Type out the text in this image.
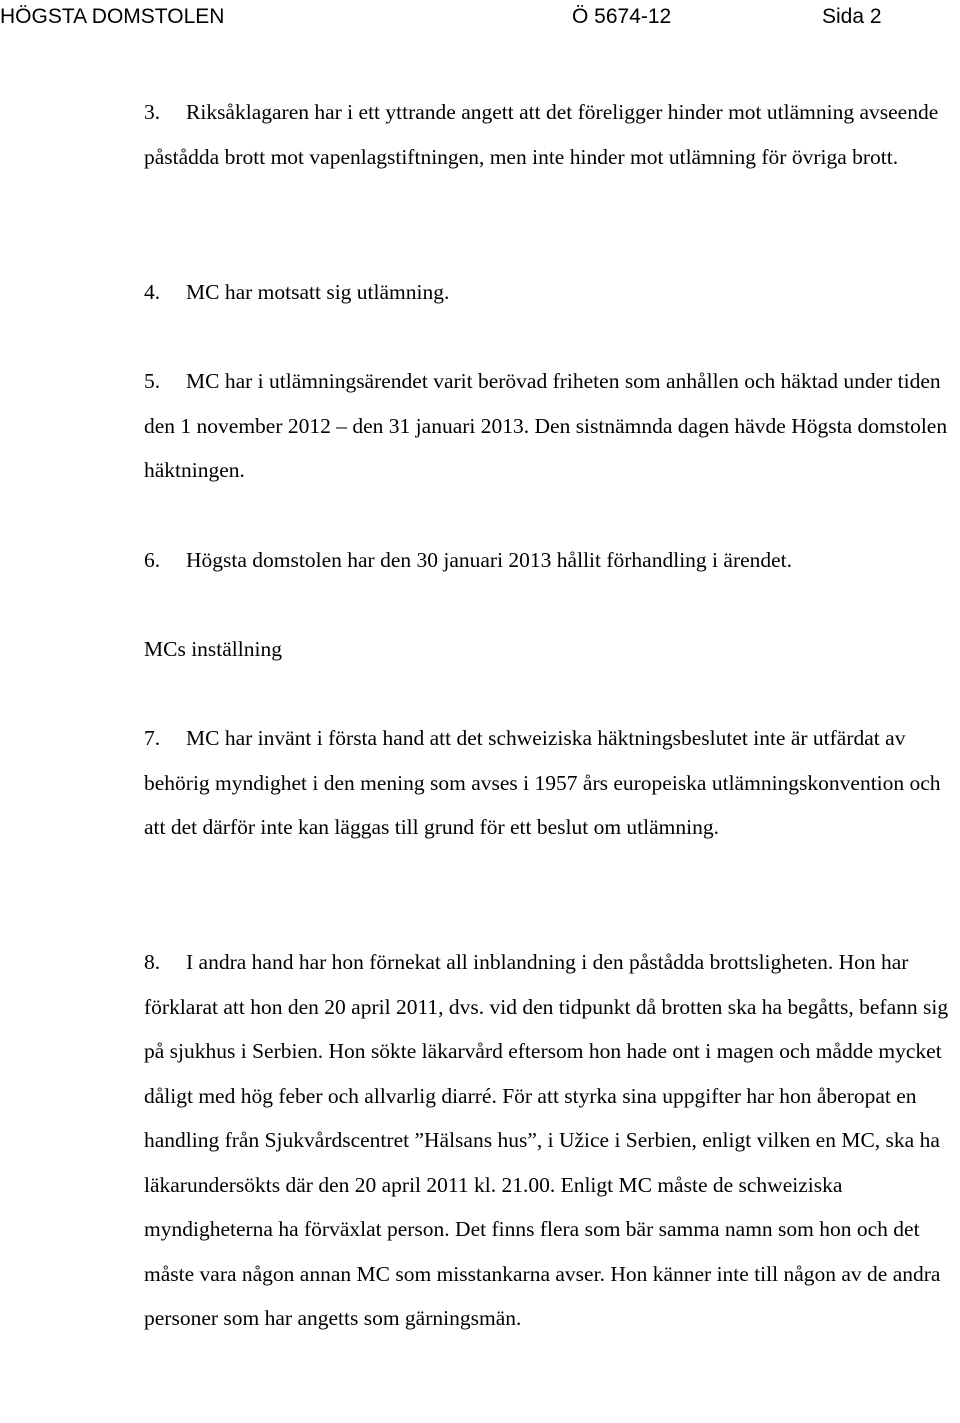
HÖGSTA DOMSTOLEN	Ö 5674-12	Sida 2

3. Riksåklagaren har i ett yttrande angett att det föreligger hinder mot utlämning avseende påstådda brott mot vapenlagstiftningen, men inte hinder mot utlämning för övriga brott.

4. MC har motsatt sig utlämning.

5. MC har i utlämningsärendet varit berövad friheten som anhållen och häktad under tiden den 1 november 2012 – den 31 januari 2013. Den sistnämnda dagen hävde Högsta domstolen häktningen.

6. Högsta domstolen har den 30 januari 2013 hållit förhandling i ärendet.

MCs inställning

7. MC har invänt i första hand att det schweiziska häktningsbeslutet inte är utfärdat av behörig myndighet i den mening som avses i 1957 års europeiska utlämningskonvention och att det därför inte kan läggas till grund för ett beslut om utlämning.

8. I andra hand har hon förnekat all inblandning i den påstådda brottsligheten. Hon har förklarat att hon den 20 april 2011, dvs. vid den tidpunkt då brotten ska ha begåtts, befann sig på sjukhus i Serbien. Hon sökte läkarvård eftersom hon hade ont i magen och mådde mycket dåligt med hög feber och allvarlig diarré. För att styrka sina uppgifter har hon åberopat en handling från Sjukvårdscentret ”Hälsans hus”, i Užice i Serbien, enligt vilken en MC, ska ha läkarundersökts där den 20 april 2011 kl. 21.00. Enligt MC måste de schweiziska myndigheterna ha förväxlat person. Det finns flera som bär samma namn som hon och det måste vara någon annan MC som misstankarna avser. Hon känner inte till någon av de andra personer som har angetts som gärningsmän.
